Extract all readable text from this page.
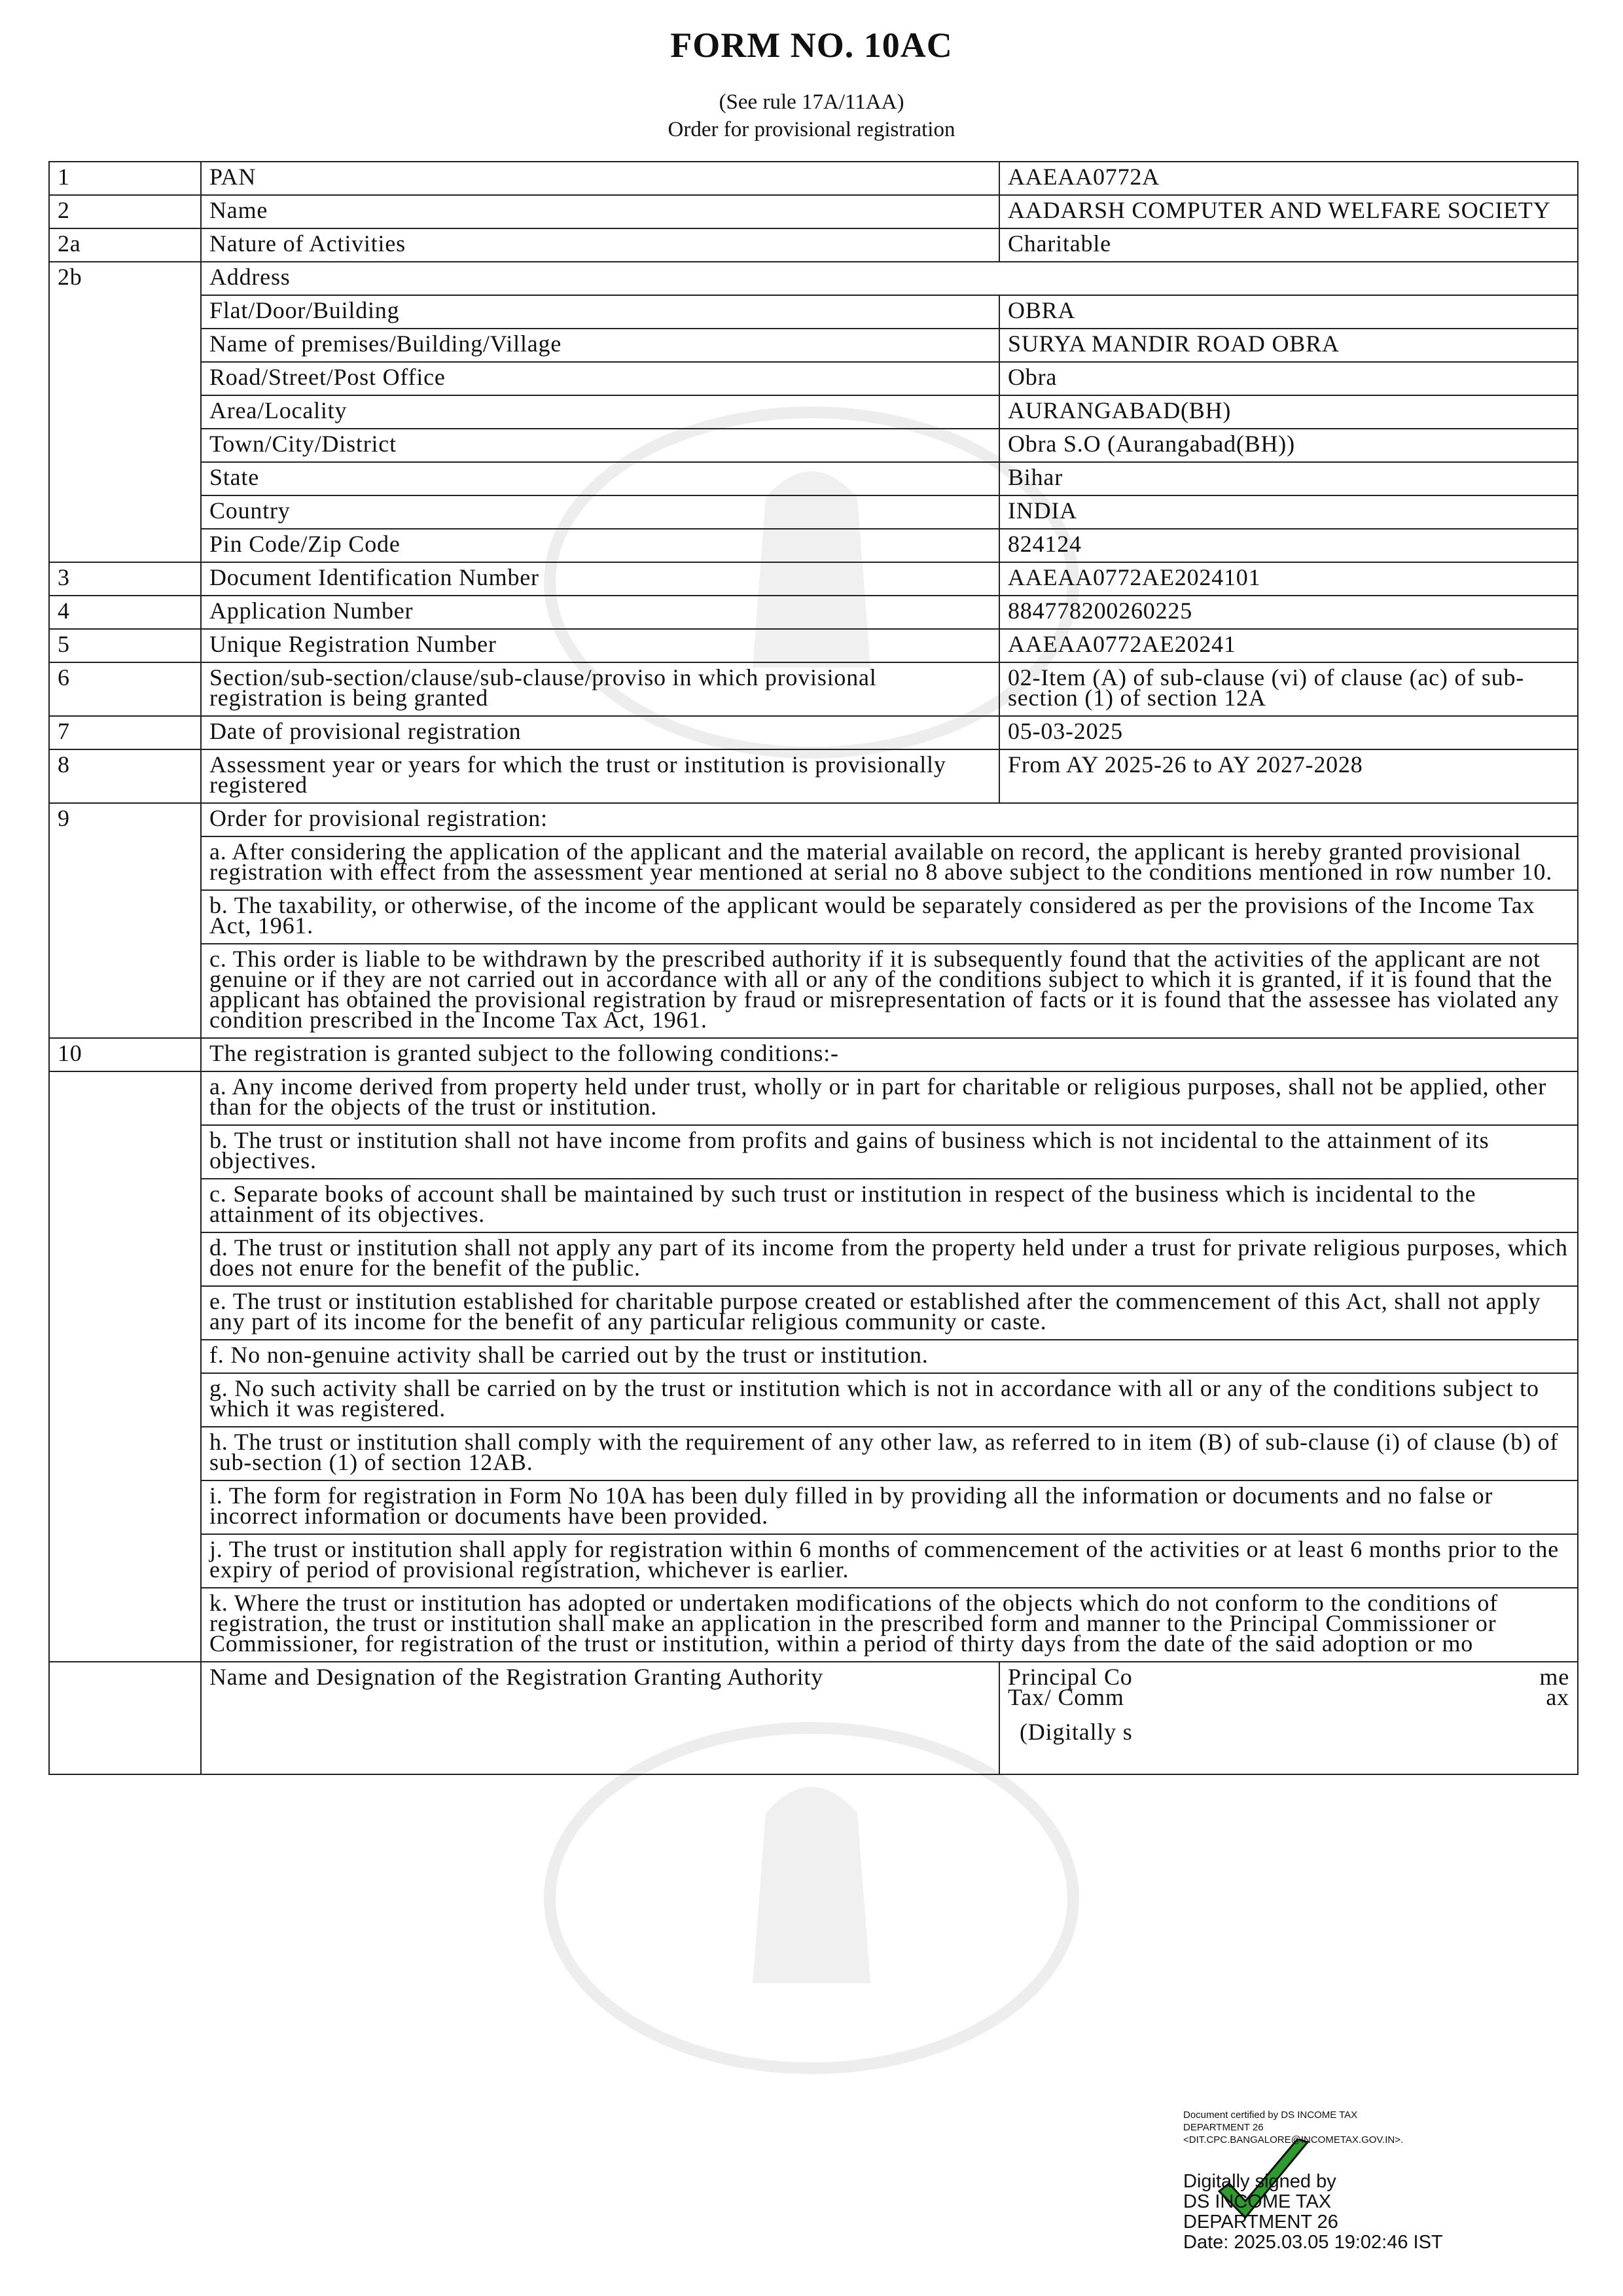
FORM NO. 10AC
(See rule 17A/11AA)
Order for provisional registration
1	PAN	AAEAA0772A
2	Name	AADARSH COMPUTER AND WELFARE SOCIETY
2a	Nature of Activities	Charitable
2b	Address	
	Flat/Door/Building	OBRA
	Name of premises/Building/Village	SURYA MANDIR ROAD OBRA
	Road/Street/Post Office	Obra
	Area/Locality	AURANGABAD(BH)
	Town/City/District	Obra S.O (Aurangabad(BH))
	State	Bihar
	Country	INDIA
	Pin Code/Zip Code	824124
3	Document Identification Number	AAEAA0772AE2024101
4	Application Number	884778200260225
5	Unique Registration Number	AAEAA0772AE20241
6	Section/sub-section/clause/sub-clause/proviso in which provisional registration is being granted	02-Item (A) of sub-clause (vi) of clause (ac) of sub-section (1) of section 12A
7	Date of provisional registration	05-03-2025
8	Assessment year or years for which the trust or institution is provisionally registered	From AY 2025-26 to AY 2027-2028
9	Order for provisional registration:	
	a. After considering the application of the applicant and the material available on record, the applicant is hereby granted provisional registration with effect from the assessment year mentioned at serial no 8 above subject to the conditions mentioned in row number 10.	
	b. The taxability, or otherwise, of the income of the applicant would be separately considered as per the provisions of the Income Tax Act, 1961.	
	c. This order is liable to be withdrawn by the prescribed authority if it is subsequently found that the activities of the applicant are not genuine or if they are not carried out in accordance with all or any of the conditions subject to which it is granted, if it is found that the applicant has obtained the provisional registration by fraud or misrepresentation of facts or it is found that the assessee has violated any condition prescribed in the Income Tax Act, 1961.	
10	The registration is granted subject to the following conditions:-	
	a. Any income derived from property held under trust, wholly or in part for charitable or religious purposes, shall not be applied, other than for the objects of the trust or institution.	
	b. The trust or institution shall not have income from profits and gains of business which is not incidental to the attainment of its objectives.	
	c. Separate books of account shall be maintained by such trust or institution in respect of the business which is incidental to the attainment of its objectives.	
	d. The trust or institution shall not apply any part of its income from the property held under a trust for private religious purposes, which does not enure for the benefit of the public.	
	e. The trust or institution established for charitable purpose created or established after the commencement of this Act, shall not apply any part of its income for the benefit of any particular religious community or caste.	
	f. No non-genuine activity shall be carried out by the trust or institution.	
	g. No such activity shall be carried on by the trust or institution which is not in accordance with all or any of the conditions subject to which it was registered.	
	h. The trust or institution shall comply with the requirement of any other law, as referred to in item (B) of sub-clause (i) of clause (b) of sub-section (1) of section 12AB.	
	i. The form for registration in Form No 10A has been duly filled in by providing all the information or documents and no false or incorrect information or documents have been provided.	
	j. The trust or institution shall apply for registration within 6 months of commencement of the activities or at least 6 months prior to the expiry of period of provisional registration, whichever is earlier.	
	k. Where the trust or institution has adopted or undertaken modifications of the objects which do not conform to the conditions of registration, the trust or institution shall make an application in the prescribed form and manner to the Principal Commissioner or Commissioner, for registration of the trust or institution, within a period of thirty days from the date of the said adoption or mo	
	Name and Designation of the Registration Granting Authority	Principal Co me
Tax/ Comm ax
(Digitally s
Document certified by DS INCOME TAX
DEPARTMENT 26
<DIT.CPC.BANGALORE@INCOMETAX.GOV.IN>.
Digitally signed by
DS INCOME TAX
DEPARTMENT 26
Date: 2025.03.05 19:02:46 IST
